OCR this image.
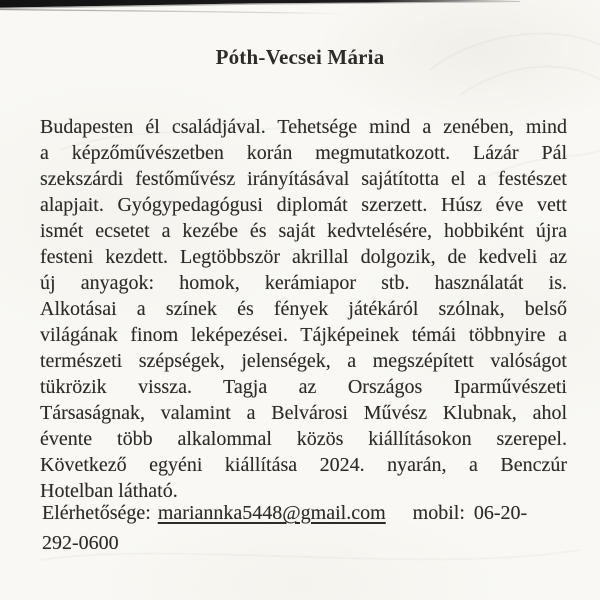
Póth-Vecsei Mária
Budapesten él családjával. Tehetsége mind a zenében, mind
a képzőművészetben korán megmutatkozott. Lázár Pál
szekszárdi festőművész irányításával sajátította el a festészet
alapjait. Gyógypedagógusi diplomát szerzett. Húsz éve vett
ismét ecsetet a kezébe és saját kedvtelésére, hobbiként újra
festeni kezdett. Legtöbbször akrillal dolgozik, de kedveli az
új anyagok: homok, kerámiapor stb. használatát is.
Alkotásai a színek és fények játékáról szólnak, belső
világának finom leképezései. Tájképeinek témái többnyire a
természeti szépségek, jelenségek, a megszépített valóságot
tükrözik vissza. Tagja az Országos Iparművészeti
Társaságnak, valamint a Belvárosi Művész Klubnak, ahol
évente több alkalommal közös kiállításokon szerepel.
Következő egyéni kiállítása 2024. nyarán, a Benczúr
Hotelban látható.
Elérhetősége: mariannka5448@gmail.com mobil: 06-20-
292-0600
